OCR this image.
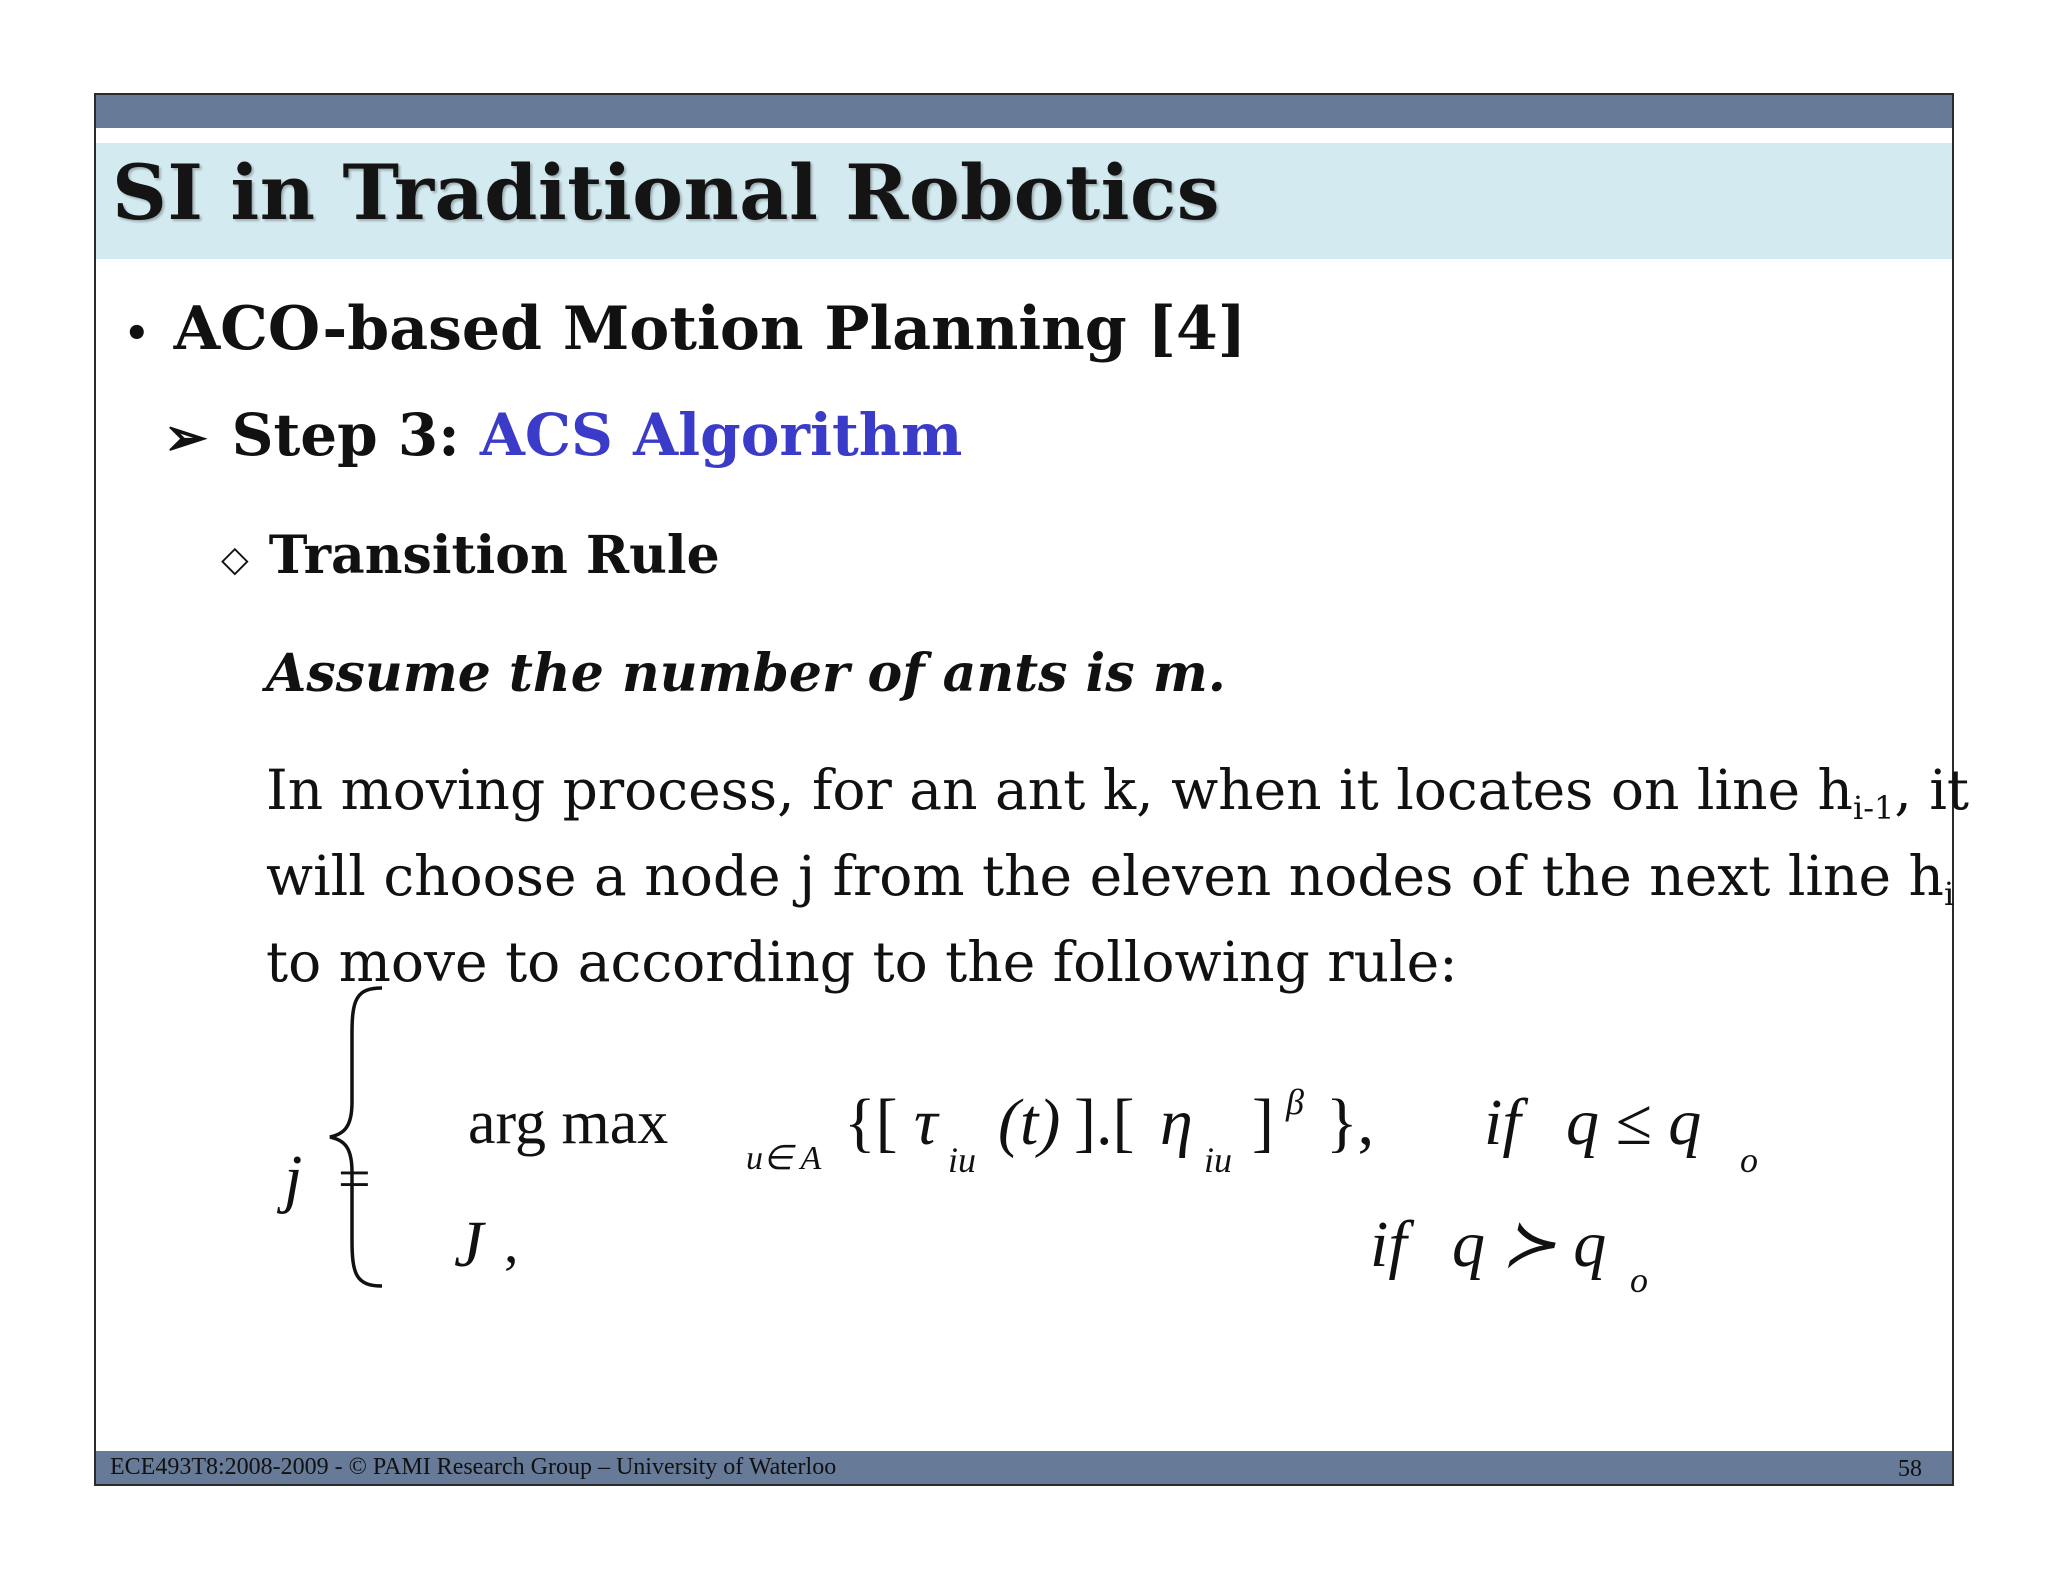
SI in Traditional Robotics
• ACO-based Motion Planning [4]
➢ Step 3: ACS Algorithm
◇ Transition Rule
Assume the number of ants is m.
In moving process, for an ant k, when it locates on line $h_{i-1}$, it
will choose a node j from the eleven nodes of the next line $h_i$
to move to according to the following rule:
ECE493T8:2008-2009 - © PAMI Research Group – University of Waterloo	58
j =
arg max
u∈ A {[ τ
iu
(t) ].[ η
iu
] β }, if q ≤ q
o
J ,	if q ≻ q o
